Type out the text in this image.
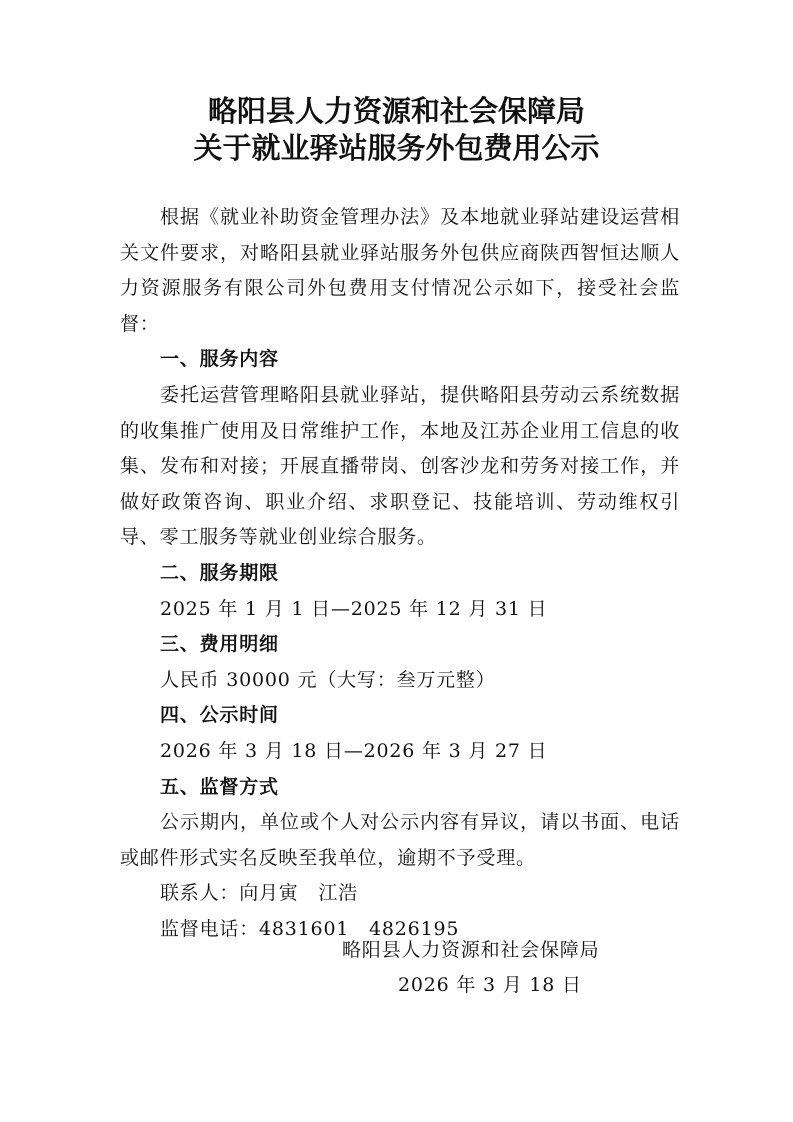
略阳县人力资源和社会保障局
关于就业驿站服务外包费用公示

根据《就业补助资金管理办法》及本地就业驿站建设运营相关文件要求，对略阳县就业驿站服务外包供应商陕西智恒达顺人力资源服务有限公司外包费用支付情况公示如下，接受社会监督：

一、服务内容

委托运营管理略阳县就业驿站，提供略阳县劳动云系统数据的收集推广使用及日常维护工作，本地及江苏企业用工信息的收集、发布和对接；开展直播带岗、创客沙龙和劳务对接工作，并做好政策咨询、职业介绍、求职登记、技能培训、劳动维权引导、零工服务等就业创业综合服务。

二、服务期限

2025 年 1 月 1 日—2025 年 12 月 31 日

三、费用明细

人民币 30000 元（大写：叁万元整）

四、公示时间

2026 年 3 月 18 日—2026 年 3 月 27 日

五、监督方式

公示期内，单位或个人对公示内容有异议，请以书面、电话或邮件形式实名反映至我单位，逾期不予受理。

联系人：向月寅　江浩

监督电话：4831601　4826195

略阳县人力资源和社会保障局
2026 年 3 月 18 日
